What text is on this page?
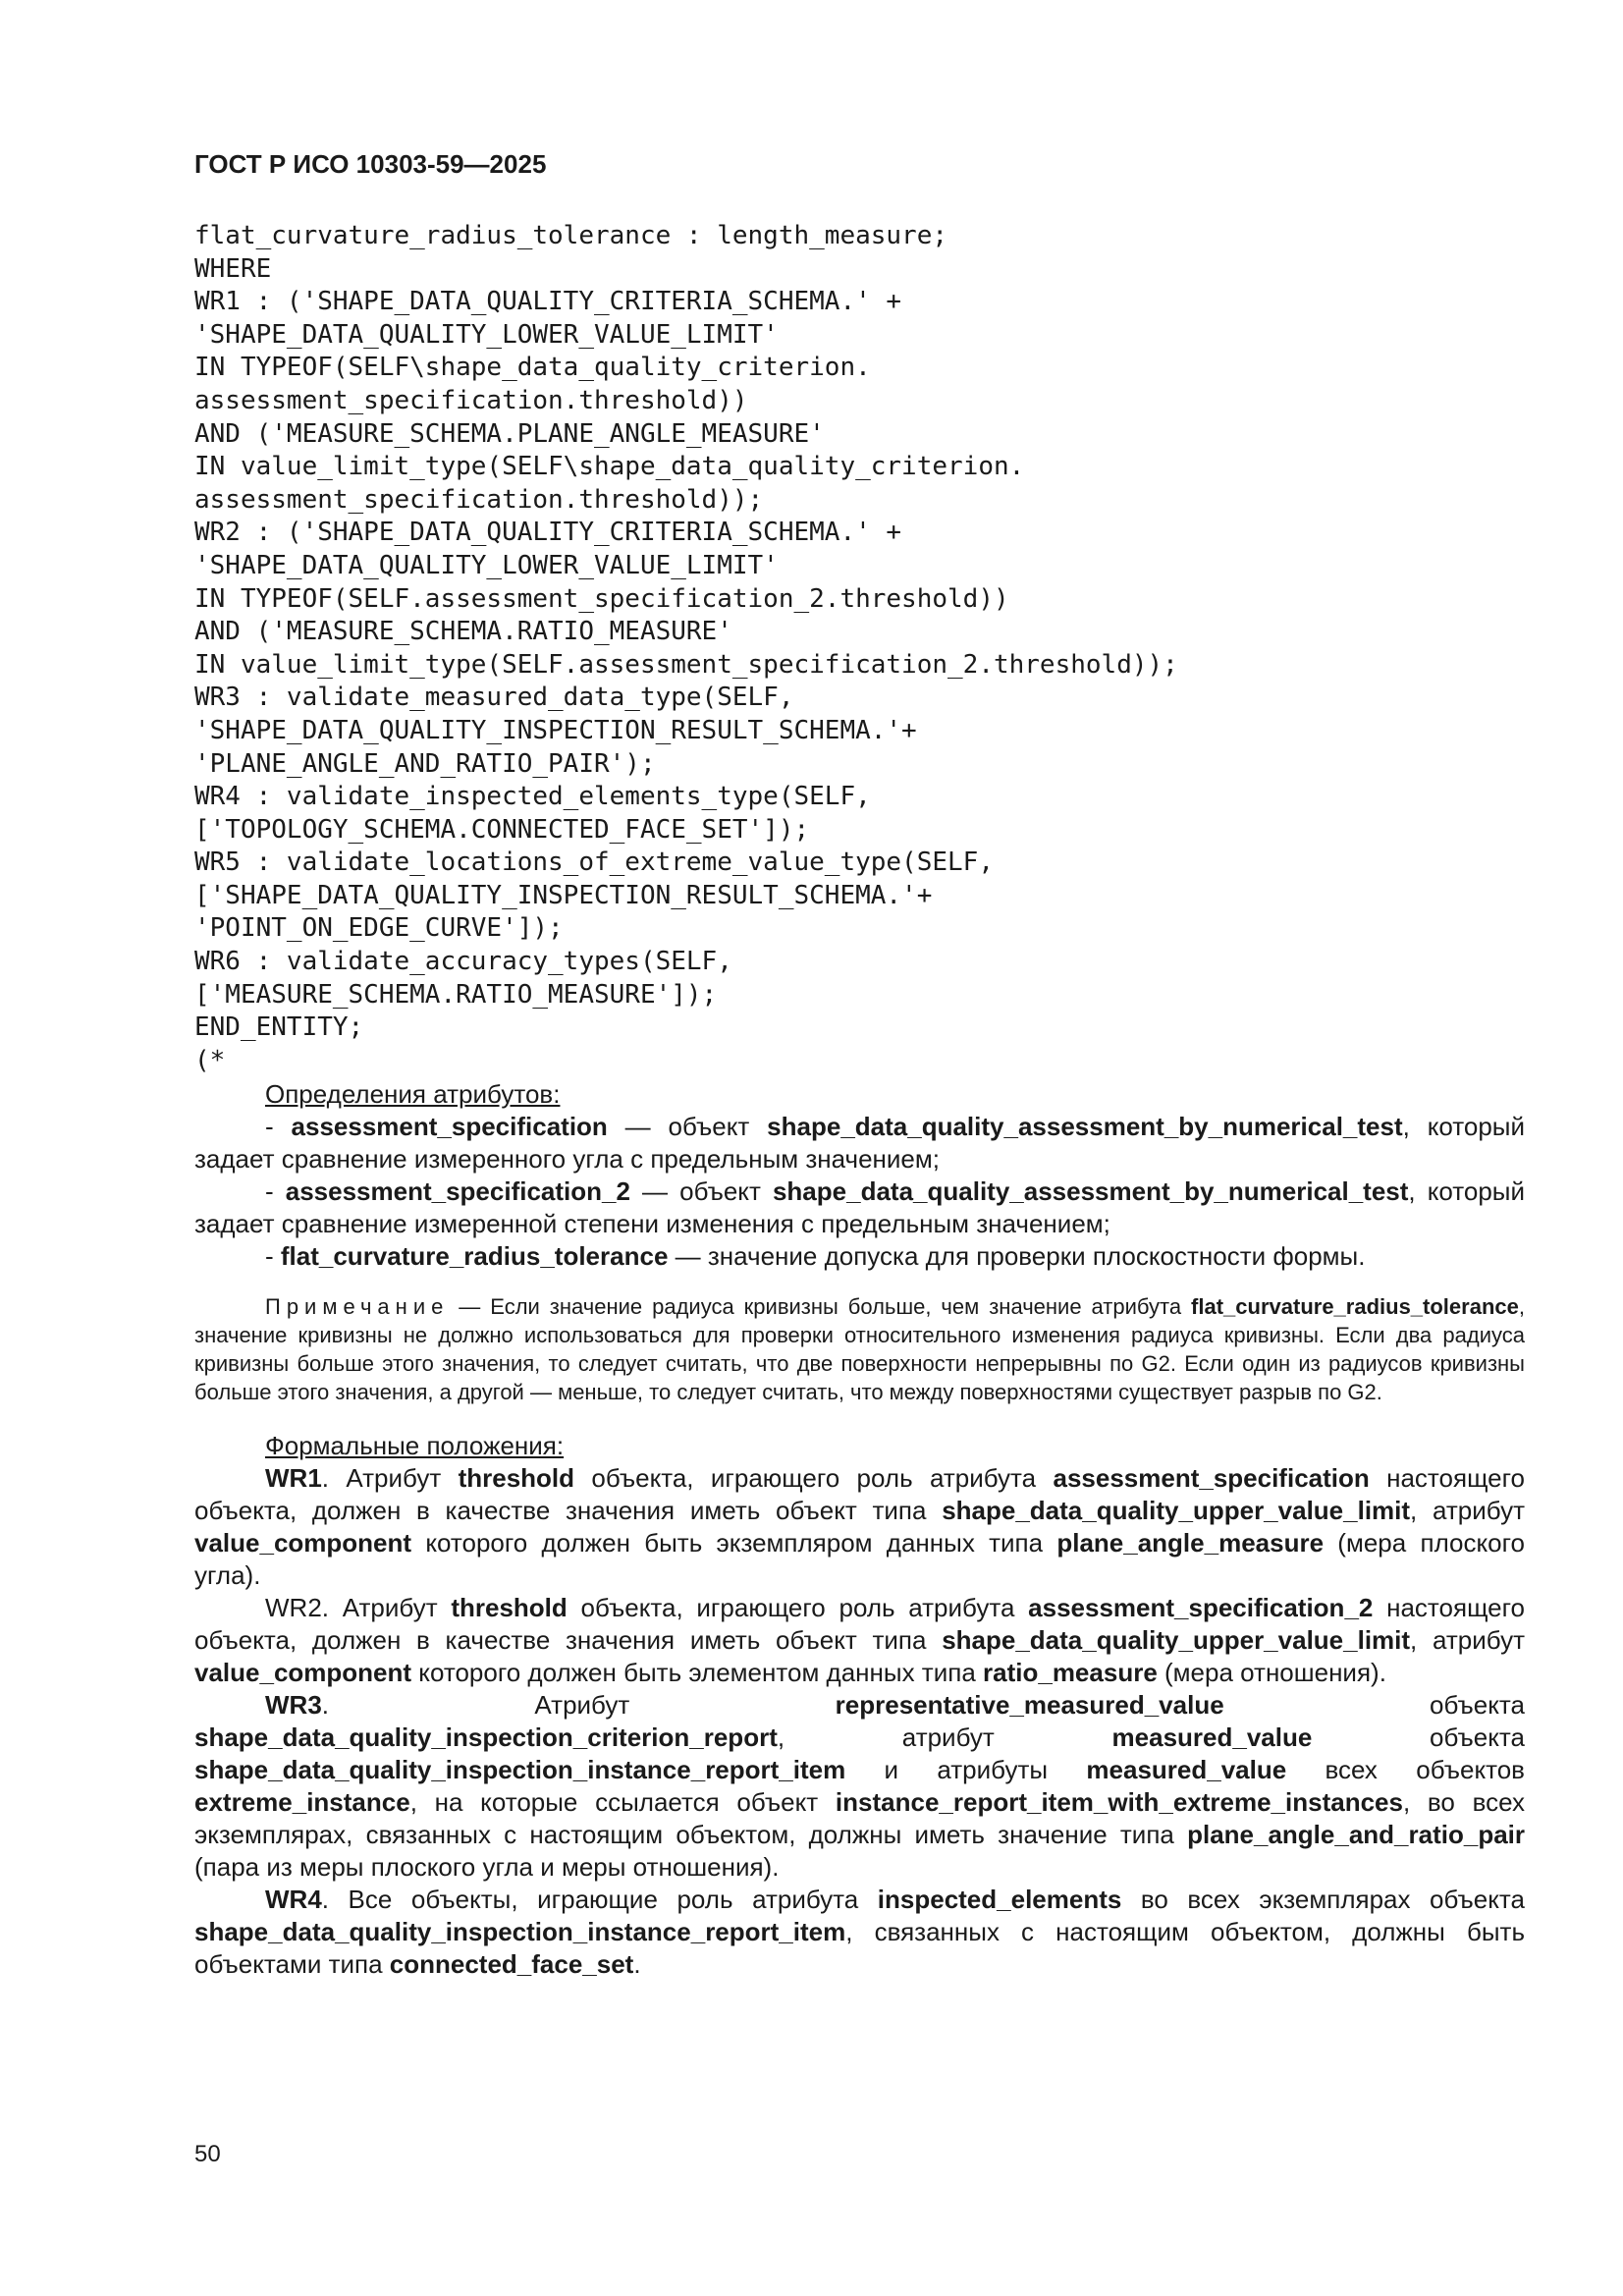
ГОСТ Р ИСО 10303-59—2025
flat_curvature_radius_tolerance : length_measure;
WHERE
WR1 : ('SHAPE_DATA_QUALITY_CRITERIA_SCHEMA.' +
'SHAPE_DATA_QUALITY_LOWER_VALUE_LIMIT'
IN TYPEOF(SELF\shape_data_quality_criterion.
assessment_specification.threshold))
AND ('MEASURE_SCHEMA.PLANE_ANGLE_MEASURE'
IN value_limit_type(SELF\shape_data_quality_criterion.
assessment_specification.threshold));
WR2 : ('SHAPE_DATA_QUALITY_CRITERIA_SCHEMA.' +
'SHAPE_DATA_QUALITY_LOWER_VALUE_LIMIT'
IN TYPEOF(SELF.assessment_specification_2.threshold))
AND ('MEASURE_SCHEMA.RATIO_MEASURE'
IN value_limit_type(SELF.assessment_specification_2.threshold));
WR3 : validate_measured_data_type(SELF,
'SHAPE_DATA_QUALITY_INSPECTION_RESULT_SCHEMA.'+
'PLANE_ANGLE_AND_RATIO_PAIR');
WR4 : validate_inspected_elements_type(SELF,
['TOPOLOGY_SCHEMA.CONNECTED_FACE_SET']);
WR5 : validate_locations_of_extreme_value_type(SELF,
['SHAPE_DATA_QUALITY_INSPECTION_RESULT_SCHEMA.'+
'POINT_ON_EDGE_CURVE']);
WR6 : validate_accuracy_types(SELF,
['MEASURE_SCHEMA.RATIO_MEASURE']);
END_ENTITY;
(*

Определения атрибутов:

- assessment_specification — объект shape_data_quality_assessment_by_numerical_test, который задает сравнение измеренного угла с предельным значением;

- assessment_specification_2 — объект shape_data_quality_assessment_by_numerical_test, который задает сравнение измеренной степени изменения с предельным значением;

- flat_curvature_radius_tolerance — значение допуска для проверки плоскостности формы.

Примечание — Если значение радиуса кривизны больше, чем значение атрибута flat_curvature_radius_tolerance, значение кривизны не должно использоваться для проверки относительного изменения радиуса кривизны. Если два радиуса кривизны больше этого значения, то следует считать, что две поверхности непрерывны по G2. Если один из радиусов кривизны больше этого значения, а другой — меньше, то следует считать, что между поверхностями существует разрыв по G2.

Формальные положения:

WR1. Атрибут threshold объекта, играющего роль атрибута assessment_specification настоящего объекта, должен в качестве значения иметь объект типа shape_data_quality_upper_value_limit, атрибут value_component которого должен быть экземпляром данных типа plane_angle_measure (мера плоского угла).

WR2. Атрибут threshold объекта, играющего роль атрибута assessment_specification_2 настоящего объекта, должен в качестве значения иметь объект типа shape_data_quality_upper_value_limit, атрибут value_component которого должен быть элементом данных типа ratio_measure (мера отношения).

WR3. Атрибут representative_measured_value объекта shape_data_quality_inspection_criterion_report, атрибут measured_value объекта shape_data_quality_inspection_instance_report_item и атрибуты measured_value всех объектов extreme_instance, на которые ссылается объект instance_report_item_with_extreme_instances, во всех экземплярах, связанных с настоящим объектом, должны иметь значение типа plane_angle_and_ratio_pair (пара из меры плоского угла и меры отношения).

WR4. Все объекты, играющие роль атрибута inspected_elements во всех экземплярах объекта shape_data_quality_inspection_instance_report_item, связанных с настоящим объектом, должны быть объектами типа connected_face_set.

50
